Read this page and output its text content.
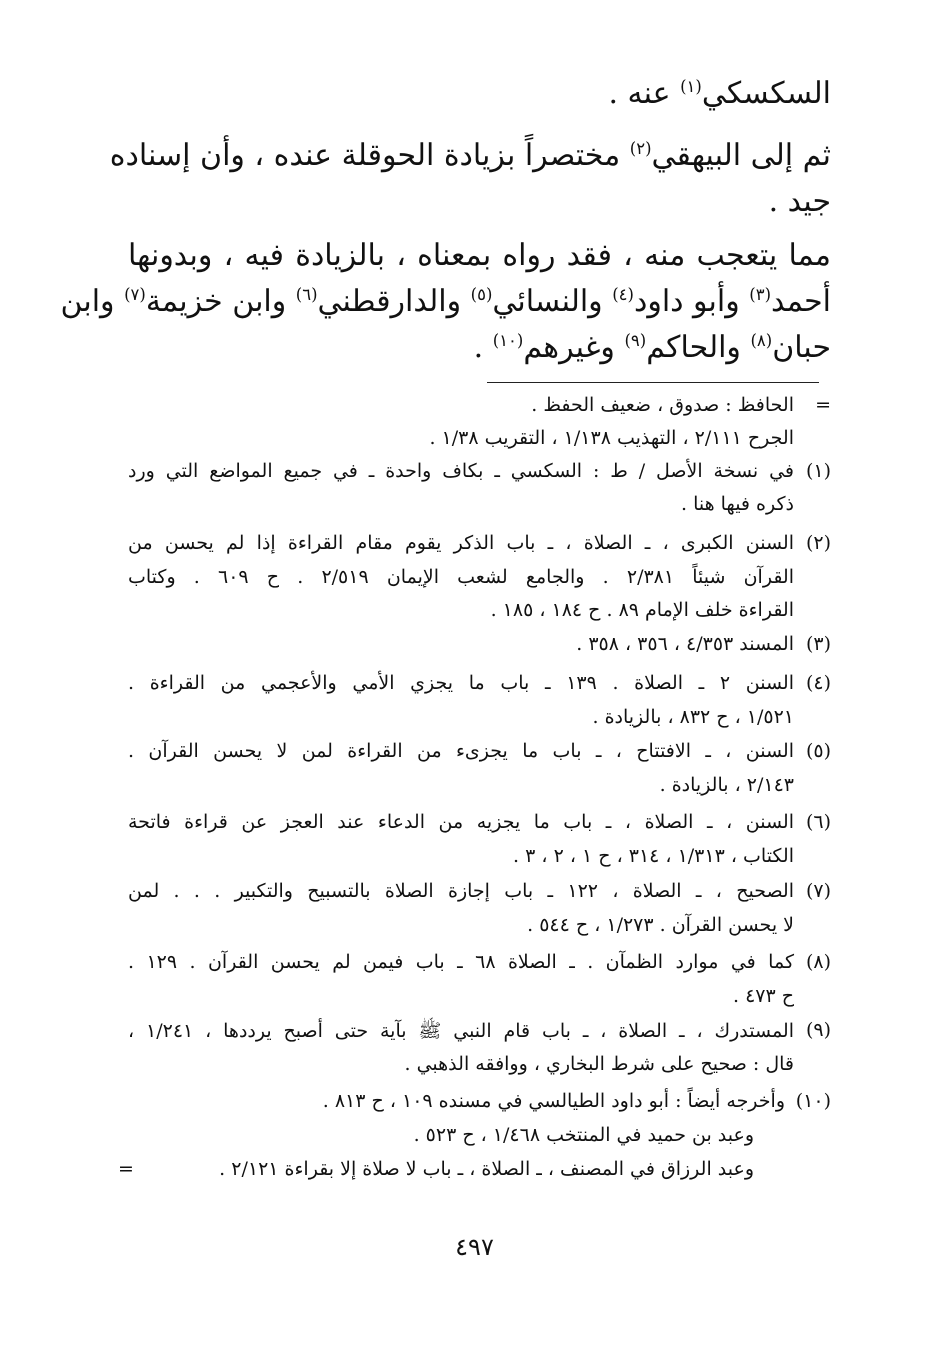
السكسكي$^{(١)}$ عنه .
ثم إلى البيهقي$^{(٢)}$ مختصراً بزيادة الحوقلة عنده ، وأن إسناده
جيد .
مما يتعجب منه ، فقد رواه بمعناه ، بالزيادة فيه ، وبدونها
أحمد$^{(٣)}$ وأبو داود$^{(٤)}$ والنسائي$^{(٥)}$ والدارقطني$^{(٦)}$ وابن خزيمة$^{(٧)}$ وابن
حبان$^{(٨)}$ والحاكم$^{(٩)}$ وغيرهم$^{(١٠)}$ .
=
الحافظ : صدوق ، ضعيف الحفظ .
الجرح ٢/١١١ ، التهذيب ١/١٣٨ ، التقريب ١/٣٨ .
(١)
في نسخة الأصل / ط : السكسي ـ بكاف واحدة ـ في جميع المواضع التي ورد
ذكره فيها هنا .
(٢)
السنن الكبرى ، ـ الصلاة ، ـ باب الذكر يقوم مقام القراءة إذا لم يحسن من
القرآن شيئاً ٢/٣٨١ . والجامع لشعب الإيمان ٢/٥١٩ . ح ٦٠٩ . وكتاب
القراءة خلف الإمام ٨٩ . ح ١٨٤ ، ١٨٥ .
(٣)
المسند ٤/٣٥٣ ، ٣٥٦ ، ٣٥٨ .
(٤)
السنن ٢ ـ الصلاة . ١٣٩ ـ باب ما يجزي الأمي والأعجمي من القراءة .
١/٥٢١ ، ح ٨٣٢ ، بالزيادة .
(٥)
السنن ، ـ الافتتاح ، ـ باب ما يجزىء من القراءة لمن لا يحسن القرآن .
٢/١٤٣ ، بالزيادة .
(٦)
السنن ، ـ الصلاة ، ـ باب ما يجزيه من الدعاء عند العجز عن قراءة فاتحة
الكتاب ، ١/٣١٣ ، ٣١٤ ، ح ١ ، ٢ ، ٣ .
(٧)
الصحيح ، ـ الصلاة ، ١٢٢ ـ باب إجازة الصلاة بالتسبيح والتكبير . . . لمن
لا يحسن القرآن . ١/٢٧٣ ، ح ٥٤٤ .
(٨)
كما في موارد الظمآن . ـ الصلاة ٦٨ ـ باب فيمن لم يحسن القرآن . ١٢٩ .
ح ٤٧٣ .
(٩)
المستدرك ، ـ الصلاة ، ـ باب قام النبي ﷺ بآية حتى أصبح يرددها ، ١/٢٤١ ،
قال : صحيح على شرط البخاري ، ووافقه الذهبي .
(١٠)
وأخرجه أيضاً : أبو داود الطيالسي في مسنده ١٠٩ ، ح ٨١٣ .
وعبد بن حميد في المنتخب ١/٤٦٨ ، ح ٥٢٣ .
وعبد الرزاق في المصنف ، ـ الصلاة ، ـ باب لا صلاة إلا بقراءة ٢/١٢١ .
=
٤٩٧
